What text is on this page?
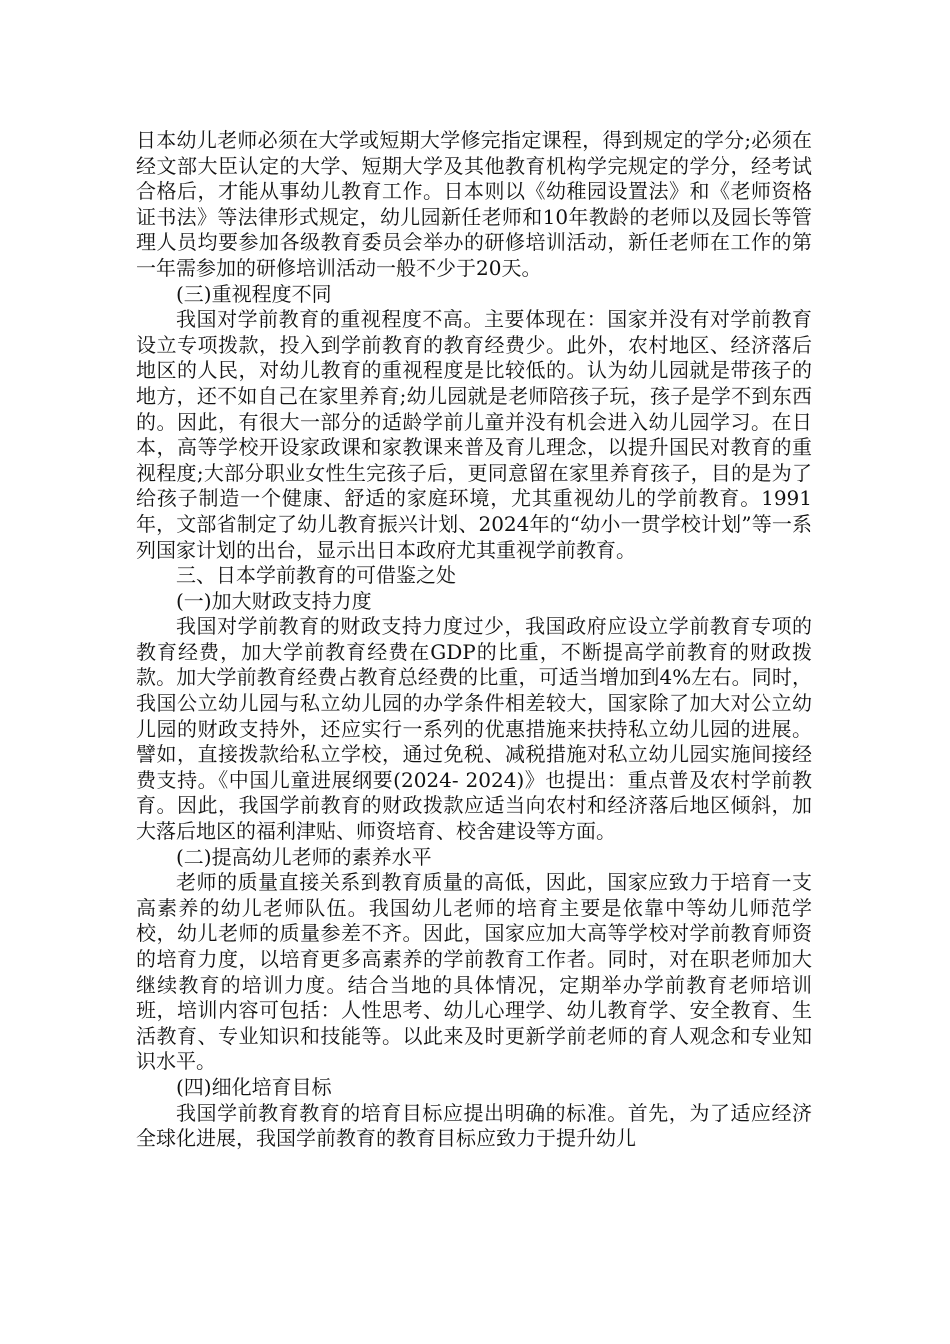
日本幼儿老师必须在大学或短期大学修完指定课程，得到规定的学分;必须在经文部大臣认定的大学、短期大学及其他教育机构学完规定的学分，经考试合格后，才能从事幼儿教育工作。日本则以《幼稚园设置法》和《老师资格证书法》等法律形式规定，幼儿园新任老师和10年教龄的老师以及园长等管理人员均要参加各级教育委员会举办的研修培训活动，新任老师在工作的第一年需参加的研修培训活动一般不少于20天。

(三)重视程度不同

我国对学前教育的重视程度不高。主要体现在：国家并没有对学前教育设立专项拨款，投入到学前教育的教育经费少。此外，农村地区、经济落后地区的人民，对幼儿教育的重视程度是比较低的。认为幼儿园就是带孩子的地方，还不如自己在家里养育;幼儿园就是老师陪孩子玩，孩子是学不到东西的。因此，有很大一部分的适龄学前儿童并没有机会进入幼儿园学习。在日本，高等学校开设家政课和家教课来普及育儿理念，以提升国民对教育的重视程度;大部分职业女性生完孩子后，更同意留在家里养育孩子，目的是为了给孩子制造一个健康、舒适的家庭环境，尤其重视幼儿的学前教育。1991年，文部省制定了幼儿教育振兴计划、2024年的“幼小一贯学校计划”等一系列国家计划的出台，显示出日本政府尤其重视学前教育。

三、日本学前教育的可借鉴之处

(一)加大财政支持力度

我国对学前教育的财政支持力度过少，我国政府应设立学前教育专项的教育经费，加大学前教育经费在GDP的比重，不断提高学前教育的财政拨款。加大学前教育经费占教育总经费的比重，可适当增加到4%左右。同时，我国公立幼儿园与私立幼儿园的办学条件相差较大，国家除了加大对公立幼儿园的财政支持外，还应实行一系列的优惠措施来扶持私立幼儿园的进展。譬如，直接拨款给私立学校，通过免税、减税措施对私立幼儿园实施间接经费支持。《中国儿童进展纲要(2024- 2024)》也提出：重点普及农村学前教育。因此，我国学前教育的财政拨款应适当向农村和经济落后地区倾斜，加大落后地区的福利津贴、师资培育、校舍建设等方面。

(二)提高幼儿老师的素养水平

老师的质量直接关系到教育质量的高低，因此，国家应致力于培育一支高素养的幼儿老师队伍。我国幼儿老师的培育主要是依靠中等幼儿师范学校，幼儿老师的质量参差不齐。因此，国家应加大高等学校对学前教育师资的培育力度，以培育更多高素养的学前教育工作者。同时，对在职老师加大继续教育的培训力度。结合当地的具体情况，定期举办学前教育老师培训班，培训内容可包括：人性思考、幼儿心理学、幼儿教育学、安全教育、生活教育、专业知识和技能等。以此来及时更新学前老师的育人观念和专业知识水平。

(四)细化培育目标

我国学前教育教育的培育目标应提出明确的标准。首先，为了适应经济全球化进展，我国学前教育的教育目标应致力于提升幼儿
